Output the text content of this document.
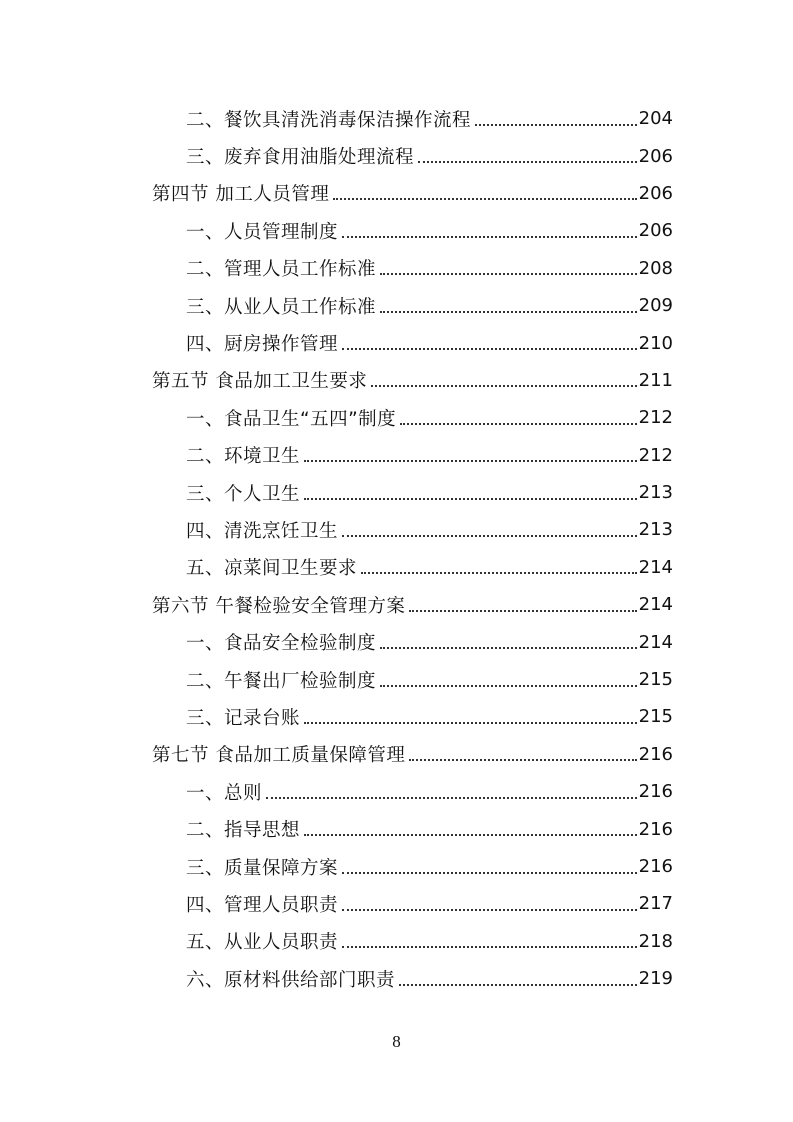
二、餐饮具清洗消毒保洁操作流程	204
三、废弃食用油脂处理流程	206
第四节 加工人员管理	206
一、人员管理制度	206
二、管理人员工作标准	208
三、从业人员工作标准	209
四、厨房操作管理	210
第五节 食品加工卫生要求	211
一、食品卫生“五四”制度	212
二、环境卫生	212
三、个人卫生	213
四、清洗烹饪卫生	213
五、凉菜间卫生要求	214
第六节 午餐检验安全管理方案	214
一、食品安全检验制度	214
二、午餐出厂检验制度	215
三、记录台账	215
第七节 食品加工质量保障管理	216
一、总则	216
二、指导思想	216
三、质量保障方案	216
四、管理人员职责	217
五、从业人员职责	218
六、原材料供给部门职责	219
8
